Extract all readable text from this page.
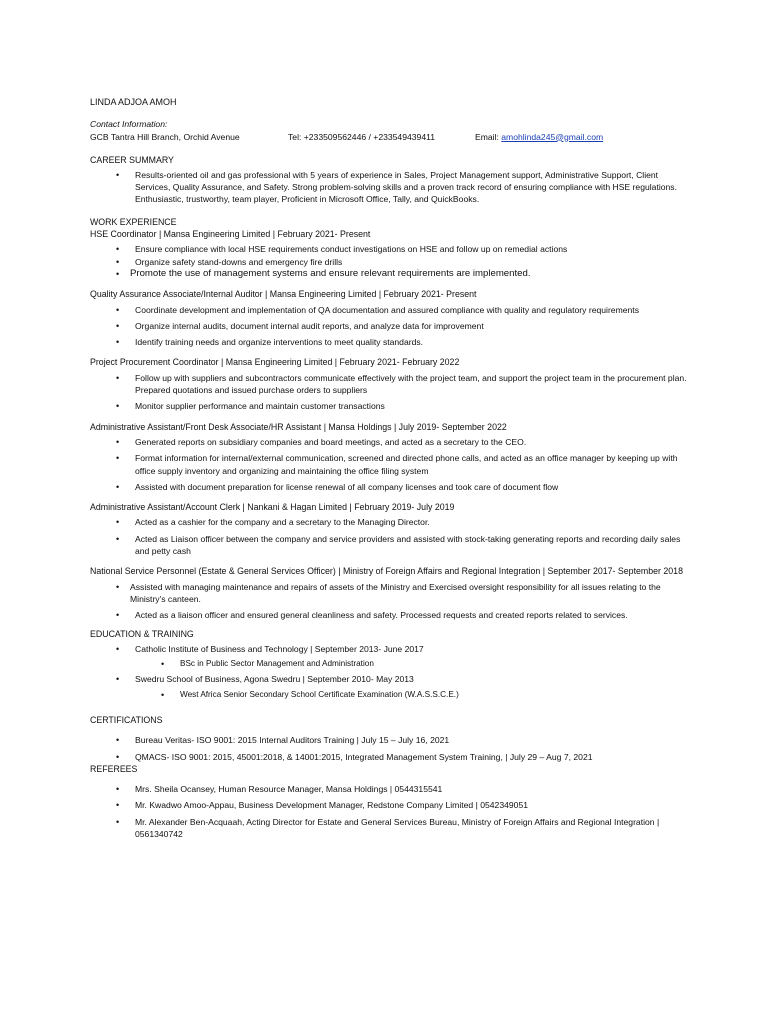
LINDA ADJOA AMOH
Contact Information:
GCB Tantra Hill Branch, Orchid Avenue	Tel: +233509562446 / +233549439411	Email: amohlinda245@gmail.com
CAREER SUMMARY
• Results-oriented oil and gas professional with 5 years of experience in Sales, Project Management support, Administrative Support, Client Services, Quality Assurance, and Safety. Strong problem-solving skills and a proven track record of ensuring compliance with HSE regulations. Enthusiastic, trustworthy, team player, Proficient in Microsoft Office, Tally, and QuickBooks.
WORK EXPERIENCE
HSE Coordinator | Mansa Engineering Limited | February 2021- Present
• Ensure compliance with local HSE requirements conduct investigations on HSE and follow up on remedial actions
• Organize safety stand-downs and emergency fire drills
• Promote the use of management systems and ensure relevant requirements are implemented.
Quality Assurance Associate/Internal Auditor | Mansa Engineering Limited | February 2021- Present
• Coordinate development and implementation of QA documentation and assured compliance with quality and regulatory requirements
• Organize internal audits, document internal audit reports, and analyze data for improvement
• Identify training needs and organize interventions to meet quality standards.
Project Procurement Coordinator | Mansa Engineering Limited | February 2021- February 2022
• Follow up with suppliers and subcontractors communicate effectively with the project team, and support the project team in the procurement plan. Prepared quotations and issued purchase orders to suppliers
• Monitor supplier performance and maintain customer transactions
Administrative Assistant/Front Desk Associate/HR Assistant | Mansa Holdings | July 2019- September 2022
• Generated reports on subsidiary companies and board meetings, and acted as a secretary to the CEO.
• Format information for internal/external communication, screened and directed phone calls, and acted as an office manager by keeping up with office supply inventory and organizing and maintaining the office filing system
• Assisted with document preparation for license renewal of all company licenses and took care of document flow
Administrative Assistant/Account Clerk | Nankani & Hagan Limited | February 2019- July 2019
• Acted as a cashier for the company and a secretary to the Managing Director.
• Acted as Liaison officer between the company and service providers and assisted with stock-taking generating reports and recording daily sales and petty cash
National Service Personnel (Estate & General Services Officer) | Ministry of Foreign Affairs and Regional Integration | September 2017- September 2018
• Assisted with managing maintenance and repairs of assets of the Ministry and Exercised oversight responsibility for all issues relating to the Ministry's canteen.
• Acted as a liaison officer and ensured general cleanliness and safety. Processed requests and created reports related to services.
EDUCATION & TRAINING
• Catholic Institute of Business and Technology | September 2013- June 2017
• BSc in Public Sector Management and Administration
• Swedru School of Business, Agona Swedru | September 2010- May 2013
• West Africa Senior Secondary School Certificate Examination (W.A.S.S.C.E.)
CERTIFICATIONS
• Bureau Veritas- ISO 9001: 2015 Internal Auditors Training | July 15 – July 16, 2021
• QMACS- ISO 9001: 2015, 45001:2018, & 14001:2015, Integrated Management System Training, | July 29 – Aug 7, 2021
REFEREES
• Mrs. Sheila Ocansey, Human Resource Manager, Mansa Holdings | 0544315541
• Mr. Kwadwo Amoo-Appau, Business Development Manager, Redstone Company Limited | 0542349051
• Mr. Alexander Ben-Acquaah, Acting Director for Estate and General Services Bureau, Ministry of Foreign Affairs and Regional Integration | 0561340742
